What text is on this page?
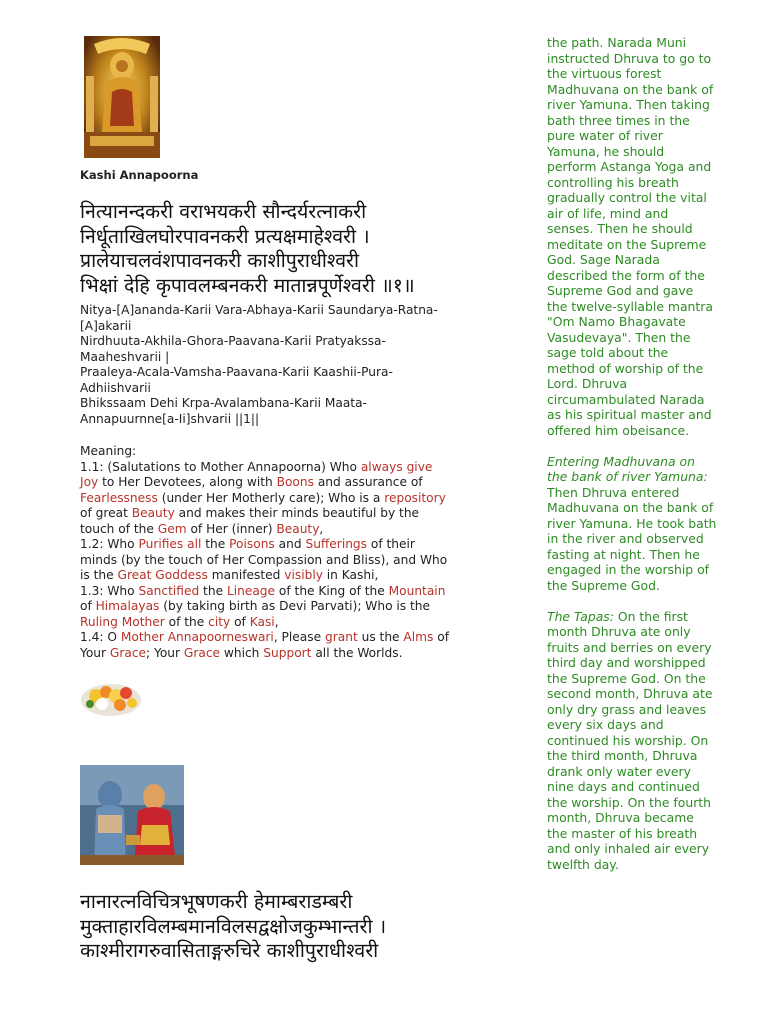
Kashi Annapoorna
नित्यानन्दकरी वराभयकरी सौन्दर्यरत्नाकरी
निर्धूताखिलघोरपावनकरी प्रत्यक्षमाहेश्वरी ।
प्रालेयाचलवंशपावनकरी काशीपुराधीश्वरी
भिक्षां देहि कृपावलम्बनकरी मातान्नपूर्णेश्वरी ॥१॥
Nitya-[A]ananda-Karii Vara-Abhaya-Karii Saundarya-Ratna-
[A]akarii
Nirdhuuta-Akhila-Ghora-Paavana-Karii Pratyakssa-
Maaheshvarii |
Praaleya-Acala-Vamsha-Paavana-Karii Kaashii-Pura-
Adhiishvarii
Bhikssaam Dehi Krpa-Avalambana-Karii Maata-
Annapuurnne[a-Ii]shvarii ||1||
Meaning:
1.1: (Salutations to Mother Annapoorna) Who always give
Joy to Her Devotees, along with Boons and assurance of
Fearlessness (under Her Motherly care); Who is a repository
of great Beauty and makes their minds beautiful by the
touch of the Gem of Her (inner) Beauty,
1.2: Who Purifies all the Poisons and Sufferings of their
minds (by the touch of Her Compassion and Bliss), and Who
is the Great Goddess manifested visibly in Kashi,
1.3: Who Sanctified the Lineage of the King of the Mountain
of Himalayas (by taking birth as Devi Parvati); Who is the
Ruling Mother of the city of Kasi,
1.4: O Mother Annapoorneswari, Please grant us the Alms of
Your Grace; Your Grace which Support all the Worlds.
नानारत्नविचित्रभूषणकरी हेमाम्बराडम्बरी
मुक्ताहारविलम्बमानविलसद्वक्षोजकुम्भान्तरी ।
काश्मीरागरुवासिताङ्गरुचिरे काशीपुराधीश्वरी

the path. Narada Muni instructed Dhruva to go to the virtuous forest Madhuvana on the bank of river Yamuna. Then taking bath three times in the pure water of river Yamuna, he should perform Astanga Yoga and controlling his breath gradually control the vital air of life, mind and senses. Then he should meditate on the Supreme God. Sage Narada described the form of the Supreme God and gave the twelve-syllable mantra "Om Namo Bhagavate Vasudevaya". Then the sage told about the method of worship of the Lord. Dhruva circumambulated Narada as his spiritual master and offered him obeisance.

Entering Madhuvana on the bank of river Yamuna: Then Dhruva entered Madhuvana on the bank of river Yamuna. He took bath in the river and observed fasting at night. Then he engaged in the worship of the Supreme God.

The Tapas: On the first month Dhruva ate only fruits and berries on every third day and worshipped the Supreme God. On the second month, Dhruva ate only dry grass and leaves every six days and continued his worship. On the third month, Dhruva drank only water every nine days and continued the worship. On the fourth month, Dhruva became the master of his breath and only inhaled air every twelfth day.
